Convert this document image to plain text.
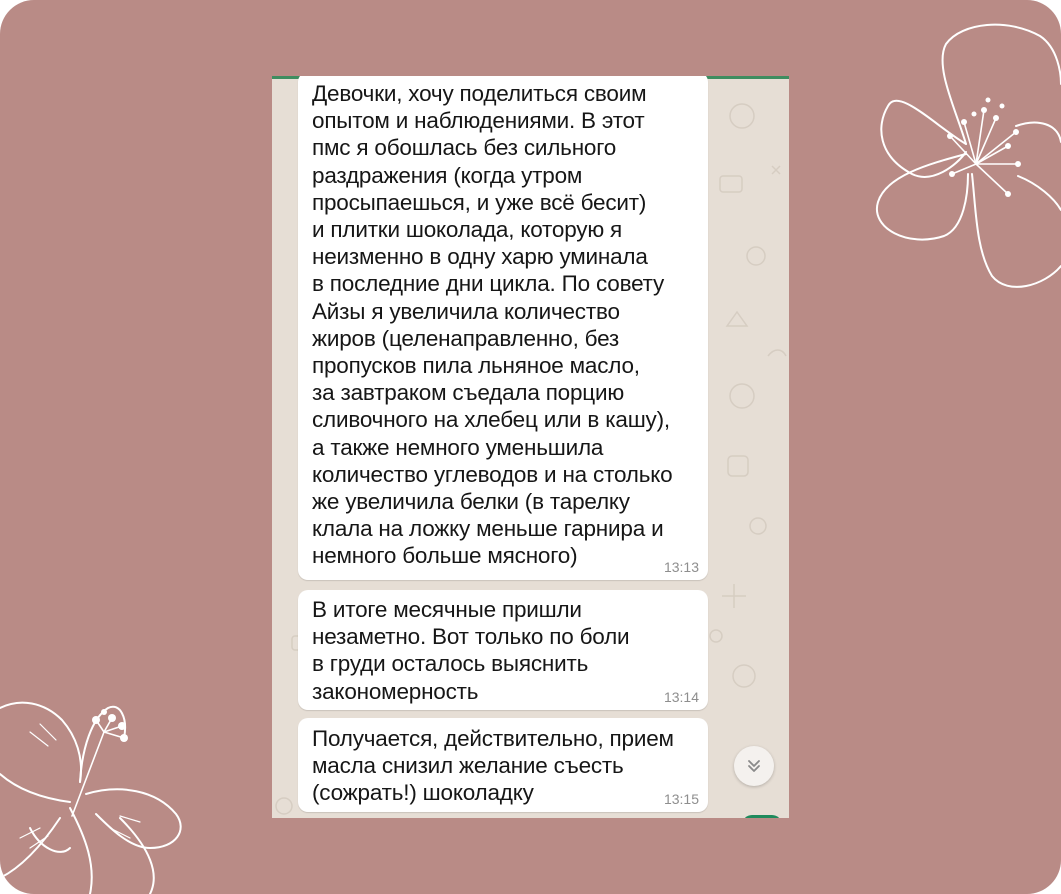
Девочки, хочу поделиться своим
опытом и наблюдениями. В этот
пмс я обошлась без сильного
раздражения (когда утром
просыпаешься, и уже всё бесит)
и плитки шоколада, которую я
неизменно в одну харю уминала
в последние дни цикла. По совету
Айзы я увеличила количество
жиров (целенаправленно, без
пропусков пила льняное масло,
за завтраком съедала порцию
сливочного на хлебец или в кашу),
а также немного уменьшила
количество углеводов и на столько
же увеличила белки (в тарелку
клала на ложку меньше гарнира и
немного больше мясного)	13:13
В итоге месячные пришли
незаметно. Вот только по боли
в груди осталось выяснить
закономерность	13:14
Получается, действительно, прием
масла снизил желание съесть
(сожрать!) шоколадку	13:15
